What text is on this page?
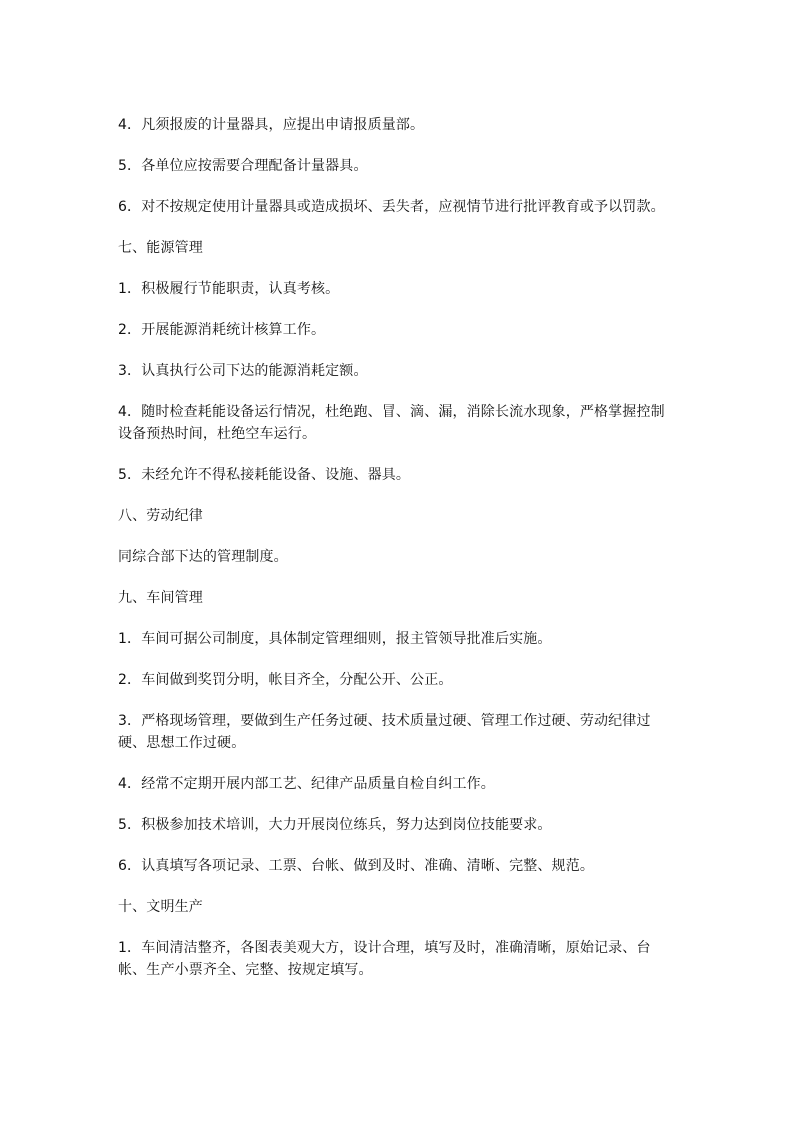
4．凡须报废的计量器具，应提出申请报质量部。

5．各单位应按需要合理配备计量器具。

6．对不按规定使用计量器具或造成损坏、丢失者，应视情节进行批评教育或予以罚款。

七、能源管理

1．积极履行节能职责，认真考核。

2．开展能源消耗统计核算工作。

3．认真执行公司下达的能源消耗定额。

4．随时检查耗能设备运行情况，杜绝跑、冒、滴、漏，消除长流水现象，严格掌握控制设备预热时间，杜绝空车运行。

5．未经允许不得私接耗能设备、设施、器具。

八、劳动纪律

同综合部下达的管理制度。

九、车间管理

1．车间可据公司制度，具体制定管理细则，报主管领导批准后实施。

2．车间做到奖罚分明，帐目齐全，分配公开、公正。

3．严格现场管理，要做到生产任务过硬、技术质量过硬、管理工作过硬、劳动纪律过硬、思想工作过硬。

4．经常不定期开展内部工艺、纪律产品质量自检自纠工作。

5．积极参加技术培训，大力开展岗位练兵，努力达到岗位技能要求。

6．认真填写各项记录、工票、台帐、做到及时、准确、清晰、完整、规范。

十、文明生产

1．车间清洁整齐，各图表美观大方，设计合理，填写及时，准确清晰，原始记录、台帐、生产小票齐全、完整、按规定填写。
